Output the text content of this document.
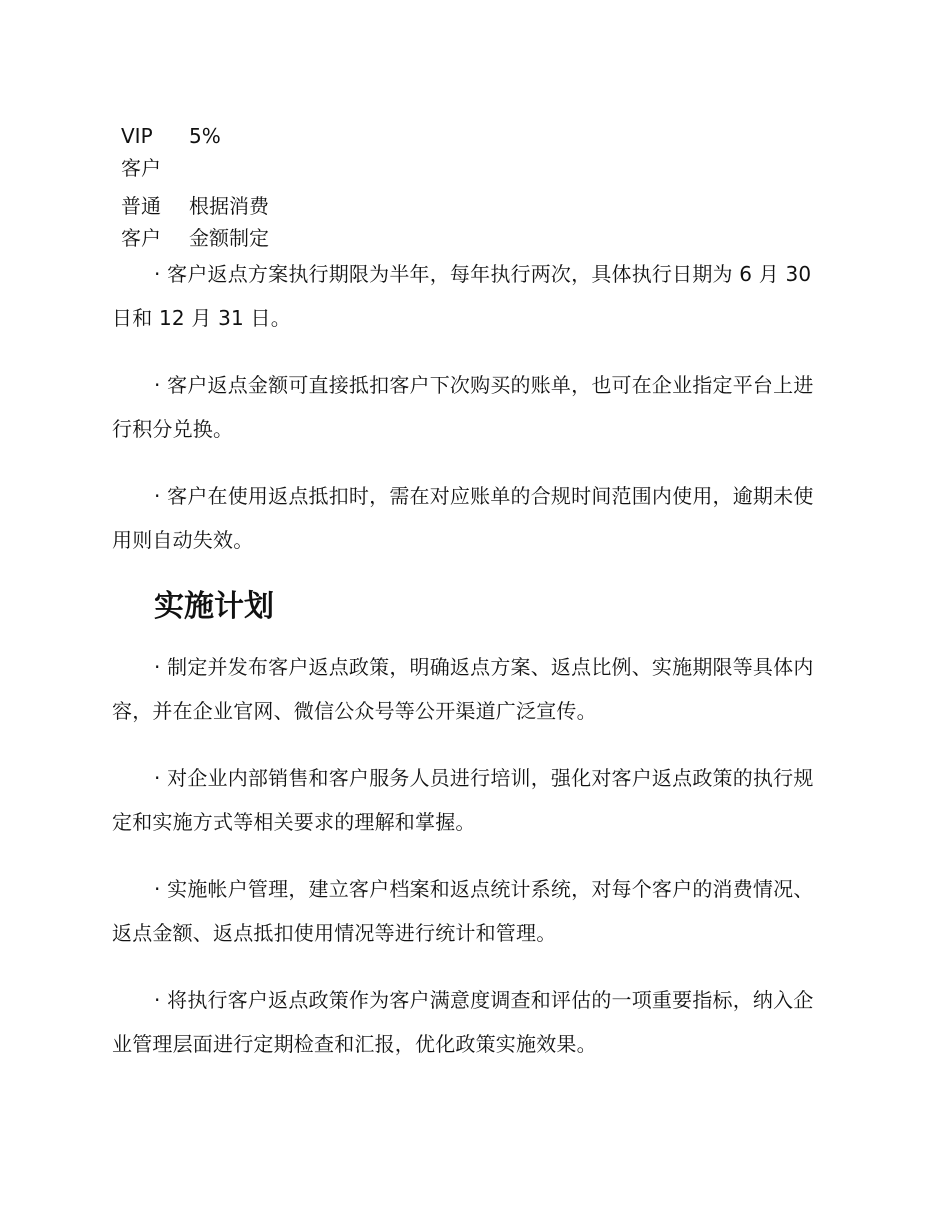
VIP
客户
5%
普通
客户
根据消费
金额制定

· 客户返点方案执行期限为半年，每年执行两次，具体执行日期为 6 月 30 日和 12 月 31 日。

· 客户返点金额可直接抵扣客户下次购买的账单，也可在企业指定平台上进行积分兑换。

· 客户在使用返点抵扣时，需在对应账单的合规时间范围内使用，逾期未使用则自动失效。

实施计划

· 制定并发布客户返点政策，明确返点方案、返点比例、实施期限等具体内容，并在企业官网、微信公众号等公开渠道广泛宣传。

· 对企业内部销售和客户服务人员进行培训，强化对客户返点政策的执行规定和实施方式等相关要求的理解和掌握。

· 实施帐户管理，建立客户档案和返点统计系统，对每个客户的消费情况、返点金额、返点抵扣使用情况等进行统计和管理。

· 将执行客户返点政策作为客户满意度调查和评估的一项重要指标，纳入企业管理层面进行定期检查和汇报，优化政策实施效果。
